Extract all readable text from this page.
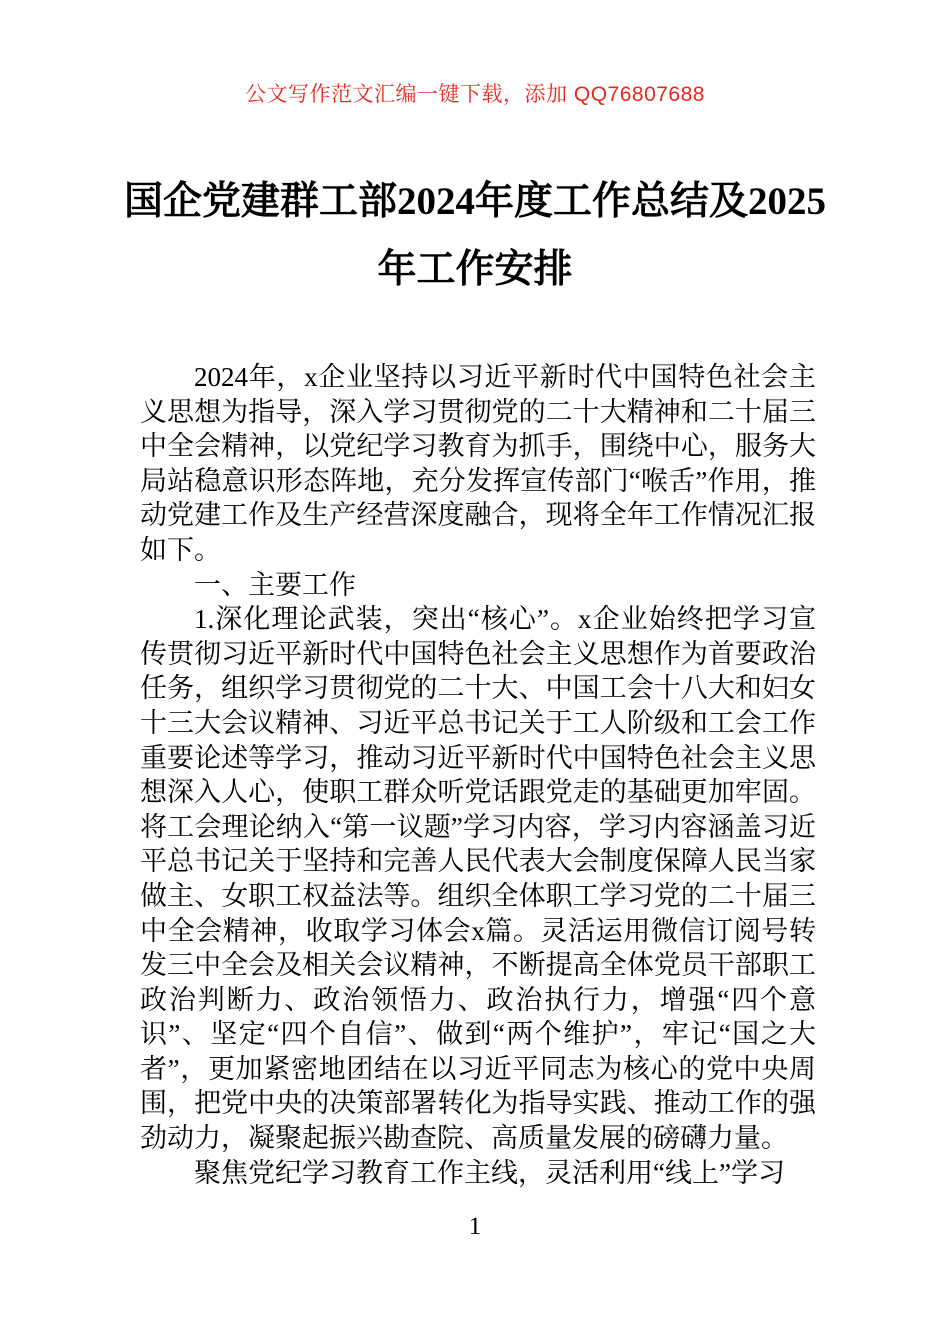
公文写作范文汇编一键下载，添加 QQ76807688
国企党建群工部2024年度工作总结及2025
年工作安排

2024年，x企业坚持以习近平新时代中国特色社会主义思想为指导，深入学习贯彻党的二十大精神和二十届三中全会精神，以党纪学习教育为抓手，围绕中心，服务大局站稳意识形态阵地，充分发挥宣传部门“喉舌”作用，推动党建工作及生产经营深度融合，现将全年工作情况汇报如下。

一、主要工作

1.深化理论武装，突出“核心”。x企业始终把学习宣传贯彻习近平新时代中国特色社会主义思想作为首要政治任务，组织学习贯彻党的二十大、中国工会十八大和妇女十三大会议精神、习近平总书记关于工人阶级和工会工作重要论述等学习，推动习近平新时代中国特色社会主义思想深入人心，使职工群众听党话跟党走的基础更加牢固。将工会理论纳入“第一议题”学习内容，学习内容涵盖习近平总书记关于坚持和完善人民代表大会制度保障人民当家做主、女职工权益法等。组织全体职工学习党的二十届三中全会精神，收取学习体会x篇。灵活运用微信订阅号转发三中全会及相关会议精神，不断提高全体党员干部职工政治判断力、政治领悟力、政治执行力，增强“四个意识”、坚定“四个自信”、做到“两个维护”，牢记“国之大者”，更加紧密地团结在以习近平同志为核心的党中央周围，把党中央的决策部署转化为指导实践、推动工作的强劲动力，凝聚起振兴勘查院、高质量发展的磅礴力量。

聚焦党纪学习教育工作主线，灵活利用“线上”学习

1
